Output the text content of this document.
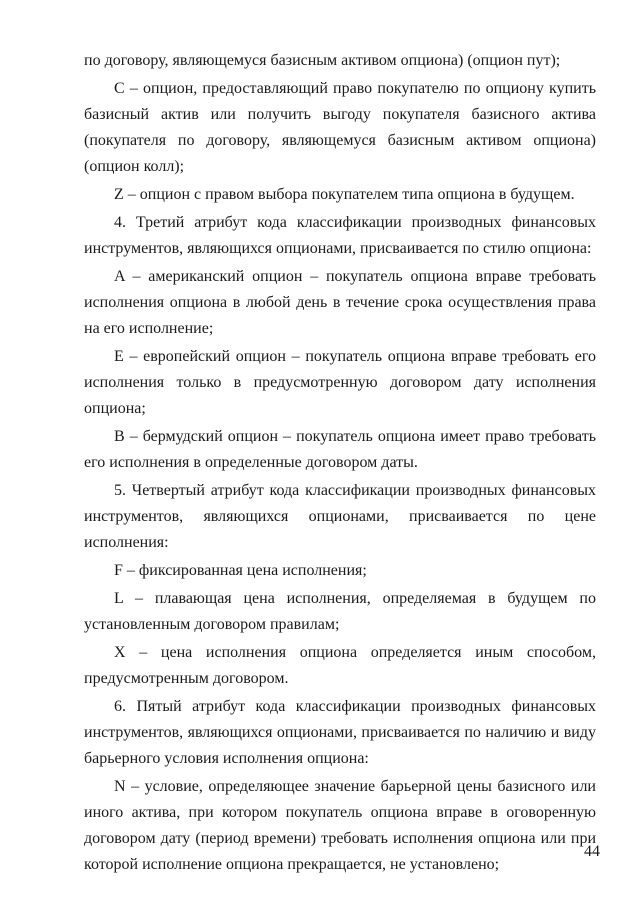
по договору, являющемуся базисным активом опциона) (опцион пут);

C – опцион, предоставляющий право покупателю по опциону купить базисный актив или получить выгоду покупателя базисного актива (покупателя по договору, являющемуся базисным активом опциона) (опцион колл);

Z – опцион с правом выбора покупателем типа опциона в будущем.

4. Третий атрибут кода классификации производных финансовых инструментов, являющихся опционами, присваивается по стилю опциона:

A – американский опцион – покупатель опциона вправе требовать исполнения опциона в любой день в течение срока осуществления права на его исполнение;

E – европейский опцион – покупатель опциона вправе требовать его исполнения только в предусмотренную договором дату исполнения опциона;

B – бермудский опцион – покупатель опциона имеет право требовать его исполнения в определенные договором даты.

5. Четвертый атрибут кода классификации производных финансовых инструментов, являющихся опционами, присваивается по цене исполнения:

F – фиксированная цена исполнения;

L – плавающая цена исполнения, определяемая в будущем по установленным договором правилам;

X – цена исполнения опциона определяется иным способом, предусмотренным договором.

6. Пятый атрибут кода классификации производных финансовых инструментов, являющихся опционами, присваивается по наличию и виду барьерного условия исполнения опциона:

N – условие, определяющее значение барьерной цены базисного или иного актива, при котором покупатель опциона вправе в оговоренную договором дату (период времени) требовать исполнения опциона или при которой исполнение опциона прекращается, не установлено;

44
